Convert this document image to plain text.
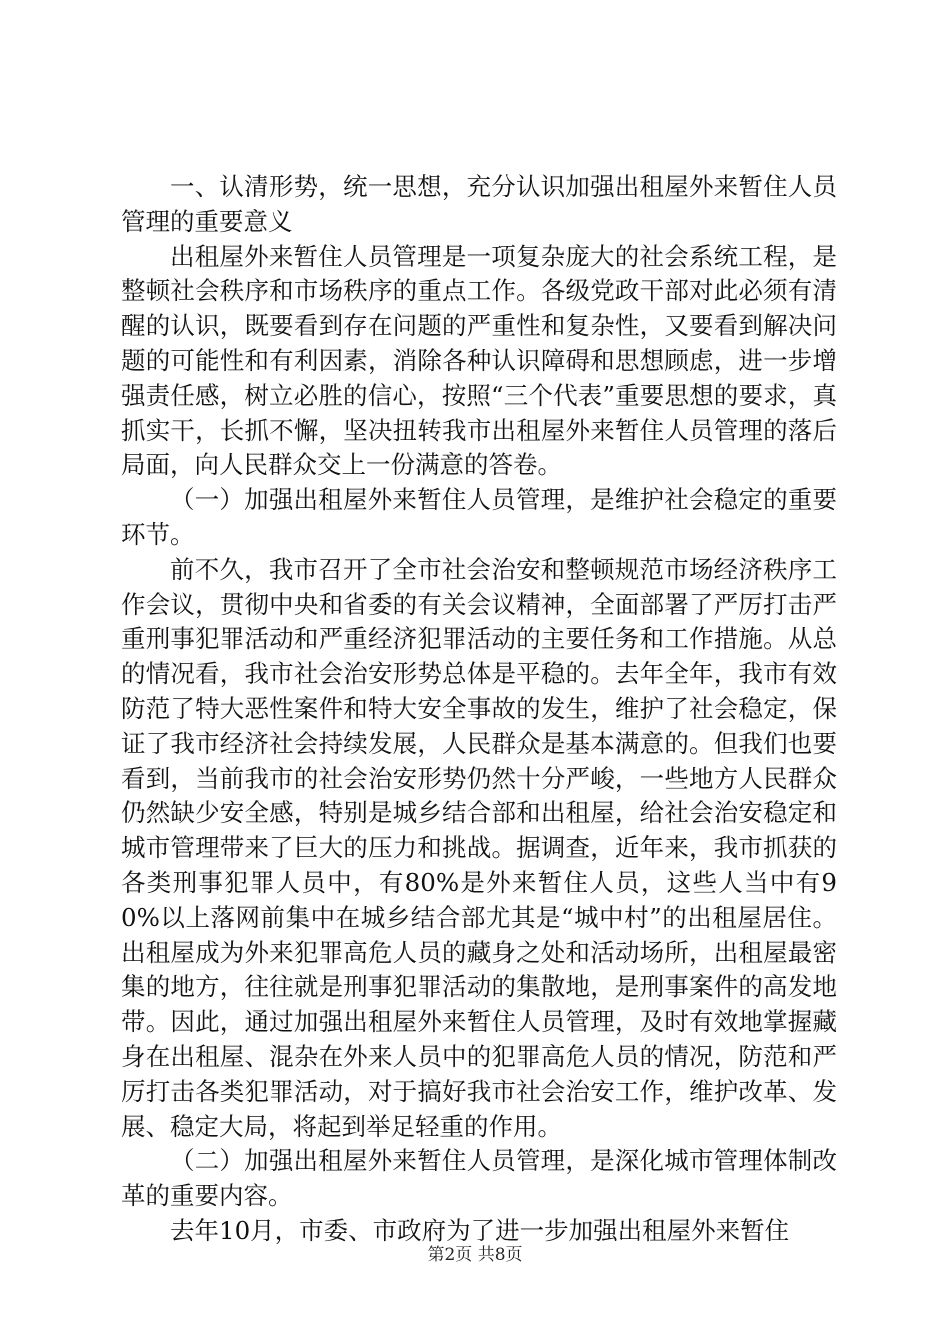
一、认清形势，统一思想，充分认识加强出租屋外来暂住人员管理的重要意义

出租屋外来暂住人员管理是一项复杂庞大的社会系统工程，是整顿社会秩序和市场秩序的重点工作。各级党政干部对此必须有清醒的认识，既要看到存在问题的严重性和复杂性，又要看到解决问题的可能性和有利因素，消除各种认识障碍和思想顾虑，进一步增强责任感，树立必胜的信心，按照“三个代表”重要思想的要求，真抓实干，长抓不懈，坚决扭转我市出租屋外来暂住人员管理的落后局面，向人民群众交上一份满意的答卷。

（一）加强出租屋外来暂住人员管理，是维护社会稳定的重要环节。

前不久，我市召开了全市社会治安和整顿规范市场经济秩序工作会议，贯彻中央和省委的有关会议精神，全面部署了严厉打击严重刑事犯罪活动和严重经济犯罪活动的主要任务和工作措施。从总的情况看，我市社会治安形势总体是平稳的。去年全年，我市有效防范了特大恶性案件和特大安全事故的发生，维护了社会稳定，保证了我市经济社会持续发展，人民群众是基本满意的。但我们也要看到，当前我市的社会治安形势仍然十分严峻，一些地方人民群众仍然缺少安全感，特别是城乡结合部和出租屋，给社会治安稳定和城市管理带来了巨大的压力和挑战。据调查，近年来，我市抓获的各类刑事犯罪人员中，有80%是外来暂住人员，这些人当中有90%以上落网前集中在城乡结合部尤其是“城中村”的出租屋居住。出租屋成为外来犯罪高危人员的藏身之处和活动场所，出租屋最密集的地方，往往就是刑事犯罪活动的集散地，是刑事案件的高发地带。因此，通过加强出租屋外来暂住人员管理，及时有效地掌握藏身在出租屋、混杂在外来人员中的犯罪高危人员的情况，防范和严厉打击各类犯罪活动，对于搞好我市社会治安工作，维护改革、发展、稳定大局，将起到举足轻重的作用。

（二）加强出租屋外来暂住人员管理，是深化城市管理体制改革的重要内容。

去年10月，市委、市政府为了进一步加强出租屋外来暂住

第2页 共8页
